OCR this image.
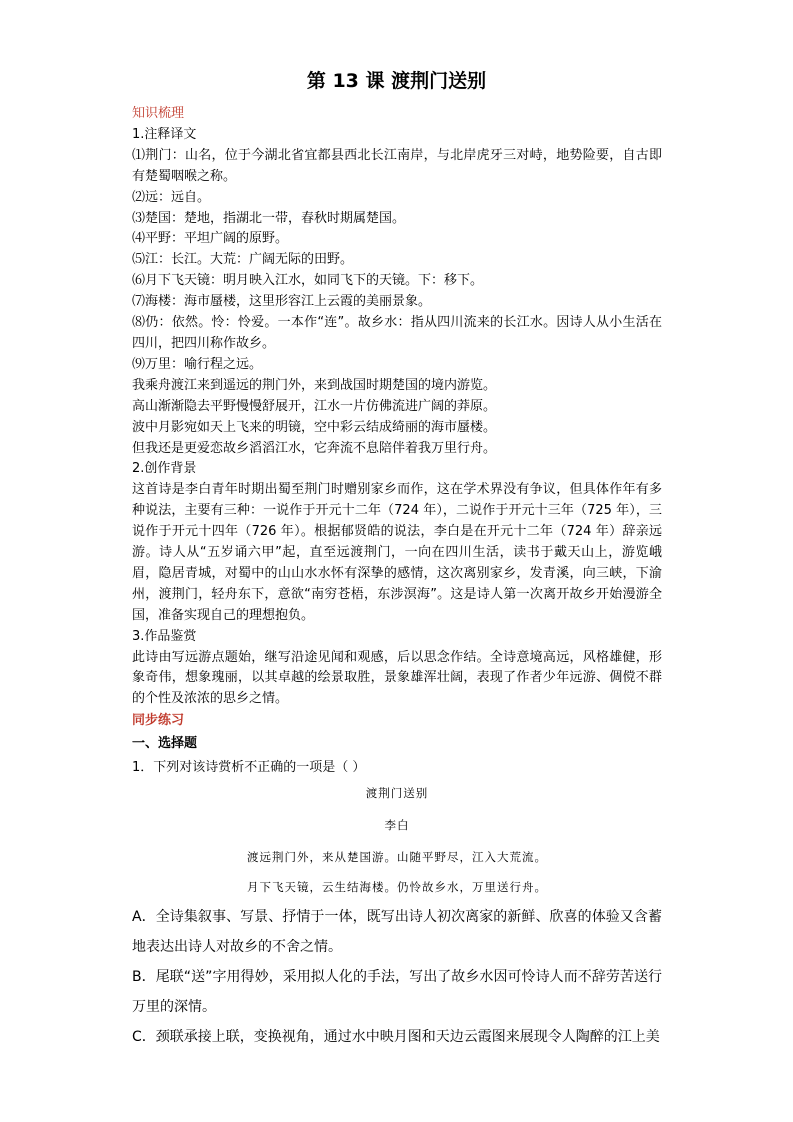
第 13 课 渡荆门送别

知识梳理

1.注释译文

⑴荆门：山名，位于今湖北省宜都县西北长江南岸，与北岸虎牙三对峙，地势险要，自古即有楚蜀咽喉之称。

⑵远：远自。

⑶楚国：楚地，指湖北一带，春秋时期属楚国。

⑷平野：平坦广阔的原野。

⑸江：长江。大荒：广阔无际的田野。

⑹月下飞天镜：明月映入江水，如同飞下的天镜。下：移下。

⑺海楼：海市蜃楼，这里形容江上云霞的美丽景象。

⑻仍：依然。怜：怜爱。一本作“连”。故乡水：指从四川流来的长江水。因诗人从小生活在四川，把四川称作故乡。

⑼万里：喻行程之远。

我乘舟渡江来到遥远的荆门外，来到战国时期楚国的境内游览。

高山渐渐隐去平野慢慢舒展开，江水一片仿佛流进广阔的莽原。

波中月影宛如天上飞来的明镜，空中彩云结成绮丽的海市蜃楼。

但我还是更爱恋故乡滔滔江水，它奔流不息陪伴着我万里行舟。

2.创作背景

这首诗是李白青年时期出蜀至荆门时赠别家乡而作，这在学术界没有争议，但具体作年有多种说法，主要有三种：一说作于开元十二年（724 年），二说作于开元十三年（725 年），三说作于开元十四年（726 年）。根据郁贤皓的说法，李白是在开元十二年（724 年）辞亲远游。诗人从“五岁诵六甲”起，直至远渡荆门，一向在四川生活，读书于戴天山上，游览峨眉，隐居青城，对蜀中的山山水水怀有深挚的感情，这次离别家乡，发青溪，向三峡，下渝州，渡荆门，轻舟东下，意欲“南穷苍梧，东涉溟海”。这是诗人第一次离开故乡开始漫游全国，准备实现自己的理想抱负。

3.作品鉴赏

此诗由写远游点题始，继写沿途见闻和观感，后以思念作结。全诗意境高远，风格雄健，形象奇伟，想象瑰丽，以其卓越的绘景取胜，景象雄浑壮阔，表现了作者少年远游、倜傥不群的个性及浓浓的思乡之情。

同步练习

一、选择题

1．下列对该诗赏析不正确的一项是（ ）

渡荆门送别
李白
渡远荆门外，来从楚国游。山随平野尽，江入大荒流。
月下飞天镜，云生结海楼。仍怜故乡水，万里送行舟。

A．全诗集叙事、写景、抒情于一体，既写出诗人初次离家的新鲜、欣喜的体验又含蓄地表达出诗人对故乡的不舍之情。

B．尾联“送”字用得妙，采用拟人化的手法，写出了故乡水因可怜诗人而不辞劳苦送行万里的深情。

C．颈联承接上联，变换视角，通过水中映月图和天边云霞图来展现令人陶醉的江上美
